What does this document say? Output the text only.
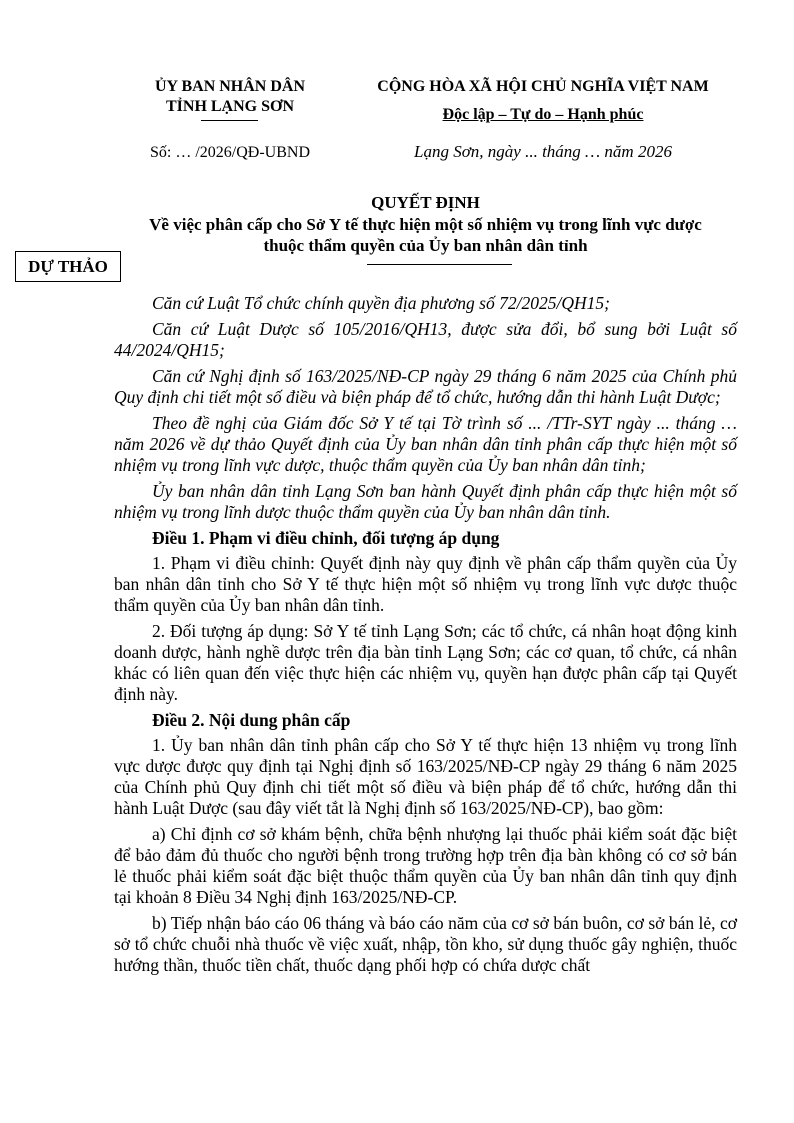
ỦY BAN NHÂN DÂN
TỈNH LẠNG SƠN
Số: … /2026/QĐ-UBND
CỘNG HÒA XÃ HỘI CHỦ NGHĨA VIỆT NAM
Độc lập – Tự do – Hạnh phúc
Lạng Sơn, ngày ... tháng … năm 2026
DỰ THẢO
QUYẾT ĐỊNH
Về việc phân cấp cho Sở Y tế thực hiện một số nhiệm vụ trong lĩnh vực dược
thuộc thẩm quyền của Ủy ban nhân dân tỉnh

Căn cứ Luật Tổ chức chính quyền địa phương số 72/2025/QH15;

Căn cứ Luật Dược số 105/2016/QH13, được sửa đổi, bổ sung bởi Luật số 44/2024/QH15;

Căn cứ Nghị định số 163/2025/NĐ-CP ngày 29 tháng 6 năm 2025 của Chính phủ Quy định chi tiết một số điều và biện pháp để tổ chức, hướng dẫn thi hành Luật Dược;

Theo đề nghị của Giám đốc Sở Y tế tại Tờ trình số ... /TTr-SYT ngày ... tháng … năm 2026 về dự thảo Quyết định của Ủy ban nhân dân tỉnh phân cấp thực hiện một số nhiệm vụ trong lĩnh vực dược, thuộc thẩm quyền của Ủy ban nhân dân tỉnh;

Ủy ban nhân dân tỉnh Lạng Sơn ban hành Quyết định phân cấp thực hiện một số nhiệm vụ trong lĩnh dược thuộc thẩm quyền của Ủy ban nhân dân tỉnh.

Điều 1. Phạm vi điều chỉnh, đối tượng áp dụng

1. Phạm vi điều chỉnh: Quyết định này quy định về phân cấp thẩm quyền của Ủy ban nhân dân tỉnh cho Sở Y tế thực hiện một số nhiệm vụ trong lĩnh vực dược thuộc thẩm quyền của Ủy ban nhân dân tỉnh.

2. Đối tượng áp dụng: Sở Y tế tỉnh Lạng Sơn; các tổ chức, cá nhân hoạt động kinh doanh dược, hành nghề dược trên địa bàn tỉnh Lạng Sơn; các cơ quan, tổ chức, cá nhân khác có liên quan đến việc thực hiện các nhiệm vụ, quyền hạn được phân cấp tại Quyết định này.

Điều 2. Nội dung phân cấp

1. Ủy ban nhân dân tỉnh phân cấp cho Sở Y tế thực hiện 13 nhiệm vụ trong lĩnh vực dược được quy định tại Nghị định số 163/2025/NĐ-CP ngày 29 tháng 6 năm 2025 của Chính phủ Quy định chi tiết một số điều và biện pháp để tổ chức, hướng dẫn thi hành Luật Dược (sau đây viết tắt là Nghị định số 163/2025/NĐ-CP), bao gồm:

a) Chỉ định cơ sở khám bệnh, chữa bệnh nhượng lại thuốc phải kiểm soát đặc biệt để bảo đảm đủ thuốc cho người bệnh trong trường hợp trên địa bàn không có cơ sở bán lẻ thuốc phải kiểm soát đặc biệt thuộc thẩm quyền của Ủy ban nhân dân tỉnh quy định tại khoản 8 Điều 34 Nghị định 163/2025/NĐ-CP.

b) Tiếp nhận báo cáo 06 tháng và báo cáo năm của cơ sở bán buôn, cơ sở bán lẻ, cơ sở tổ chức chuỗi nhà thuốc về việc xuất, nhập, tồn kho, sử dụng thuốc gây nghiện, thuốc hướng thần, thuốc tiền chất, thuốc dạng phối hợp có chứa dược chất
